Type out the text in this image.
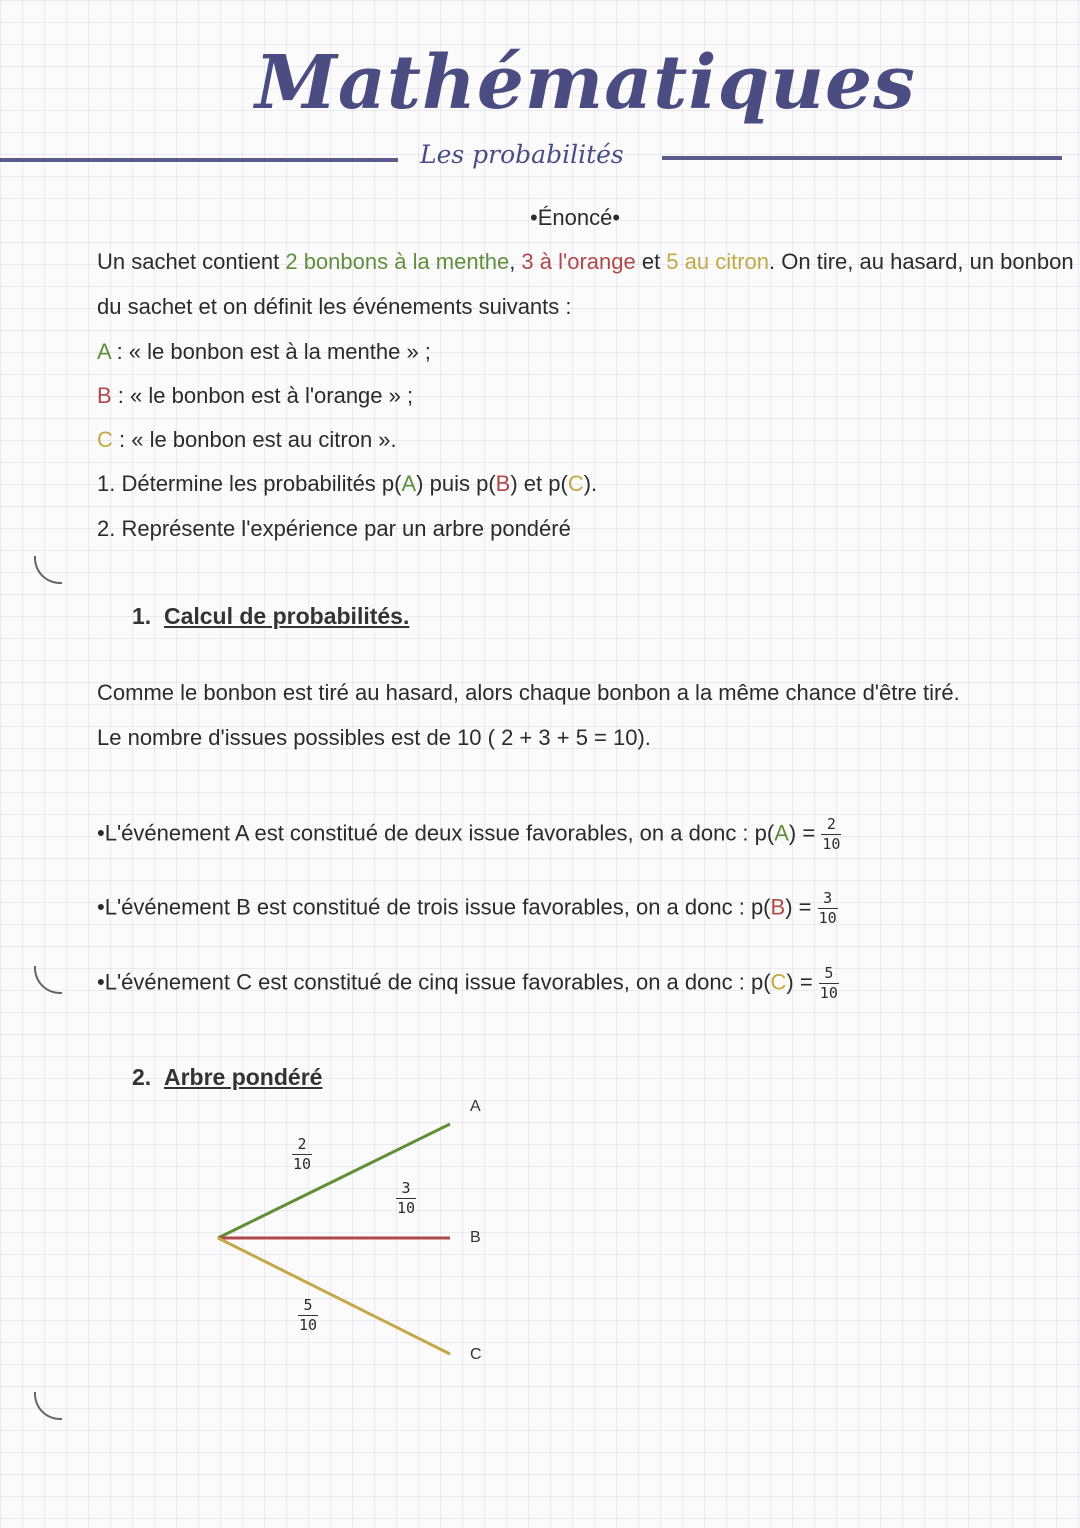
Mathématiques
Les probabilités
•Énoncé•
Un sachet contient 2 bonbons à la menthe, 3 à l'orange et 5 au citron. On tire, au hasard, un bonbon
du sachet et on définit les événements suivants :
A : « le bonbon est à la menthe » ;
B : « le bonbon est à l'orange » ;
C : « le bonbon est au citron ».
1. Détermine les probabilités p(A) puis p(B) et p(C).
2. Représente l'expérience par un arbre pondéré
1. Calcul de probabilités.
Comme le bonbon est tiré au hasard, alors chaque bonbon a la même chance d'être tiré.
Le nombre d'issues possibles est de 10 ( 2 + 3 + 5 = 10).
•L'événement A est constitué de deux issue favorables, on a donc : $p(A) = \frac{2}{10}$
•L'événement B est constitué de trois issue favorables, on a donc : $p(B) = \frac{3}{10}$
•L'événement C est constitué de cinq issue favorables, on a donc : $p(C) = \frac{5}{10}$
2. Arbre pondéré
A
B
C
$\frac{2}{10}$
$\frac{3}{10}$
$\frac{5}{10}$
